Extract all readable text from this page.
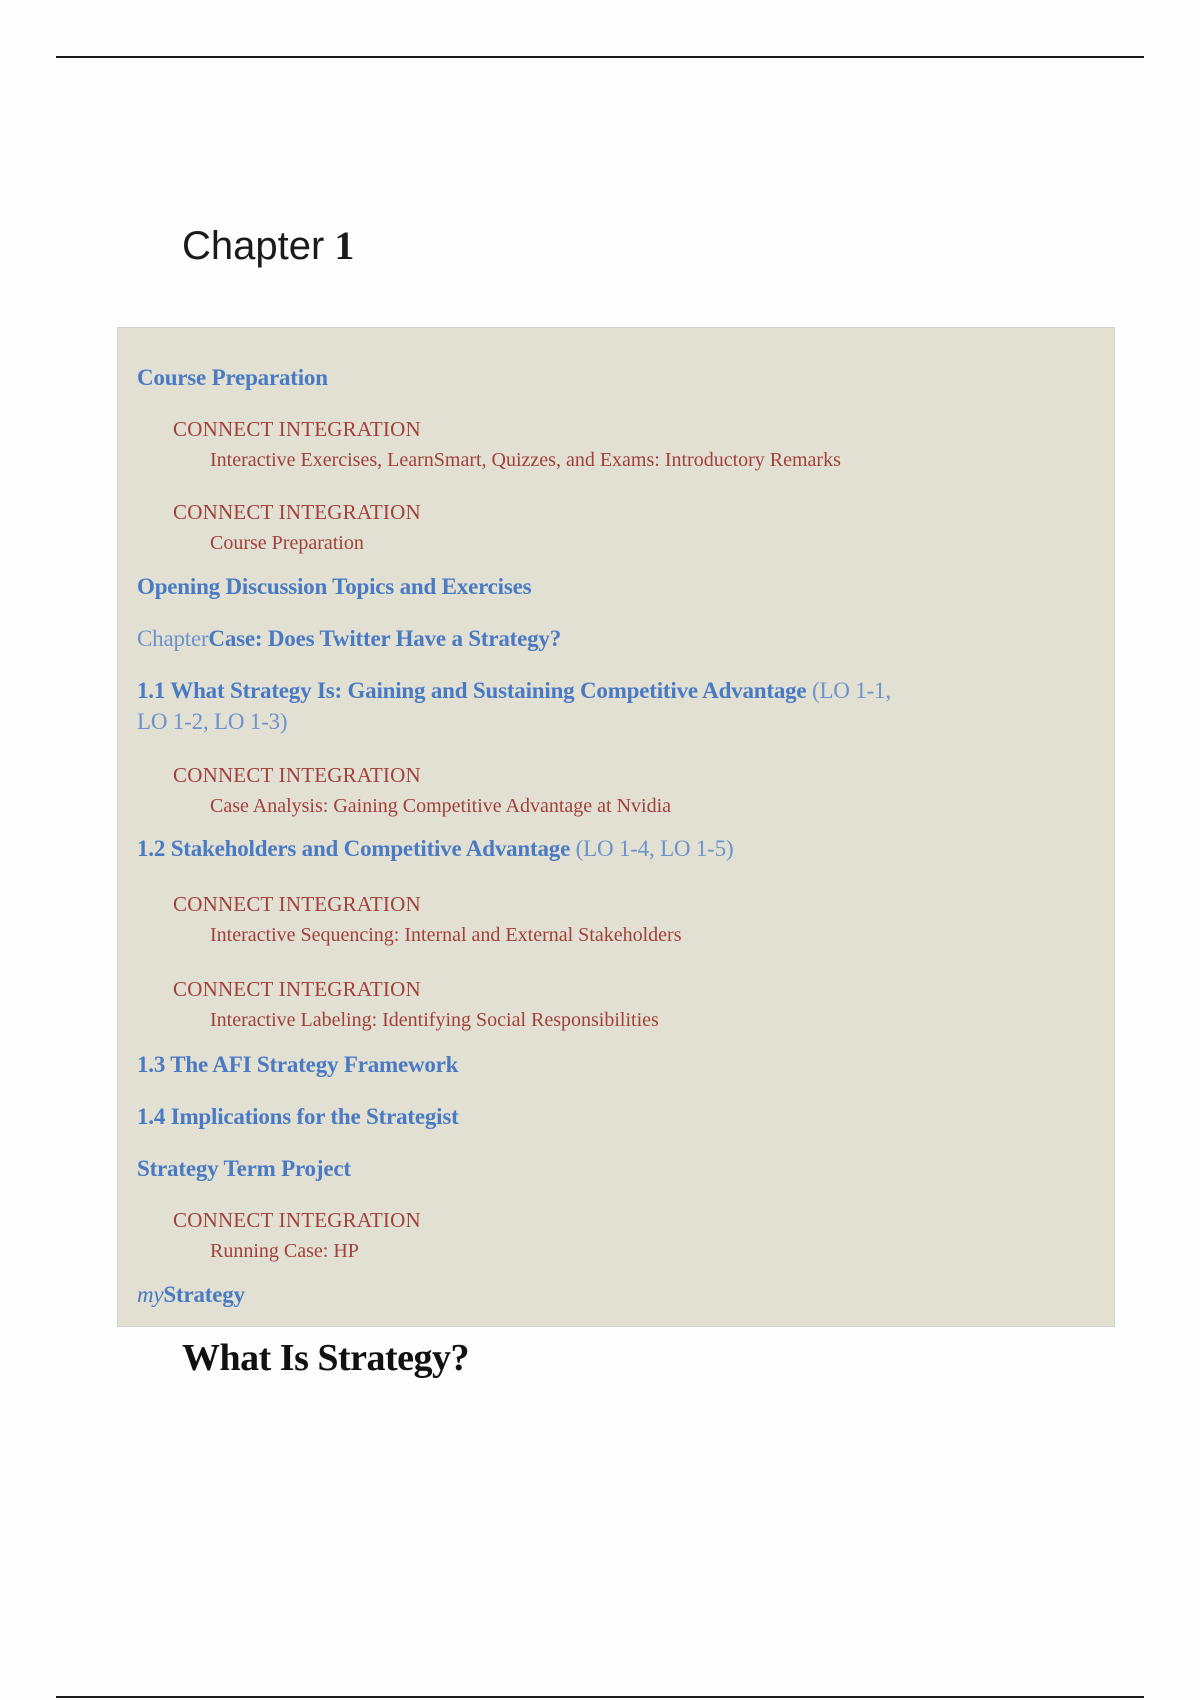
Chapter 1

Course Preparation

CONNECT INTEGRATION
Interactive Exercises, LearnSmart, Quizzes, and Exams: Introductory Remarks
CONNECT INTEGRATION
Course Preparation

Opening Discussion Topics and Exercises

ChapterCase: Does Twitter Have a Strategy?

1.1 What Strategy Is: Gaining and Sustaining Competitive Advantage (LO 1-1,
LO 1-2, LO 1-3)
CONNECT INTEGRATION
Case Analysis: Gaining Competitive Advantage at Nvidia

1.2 Stakeholders and Competitive Advantage (LO 1-4, LO 1-5)

CONNECT INTEGRATION
Interactive Sequencing: Internal and External Stakeholders
CONNECT INTEGRATION
Interactive Labeling: Identifying Social Responsibilities

1.3 The AFI Strategy Framework

1.4 Implications for the Strategist

Strategy Term Project

CONNECT INTEGRATION
Running Case: HP

myStrategy

What Is Strategy?
